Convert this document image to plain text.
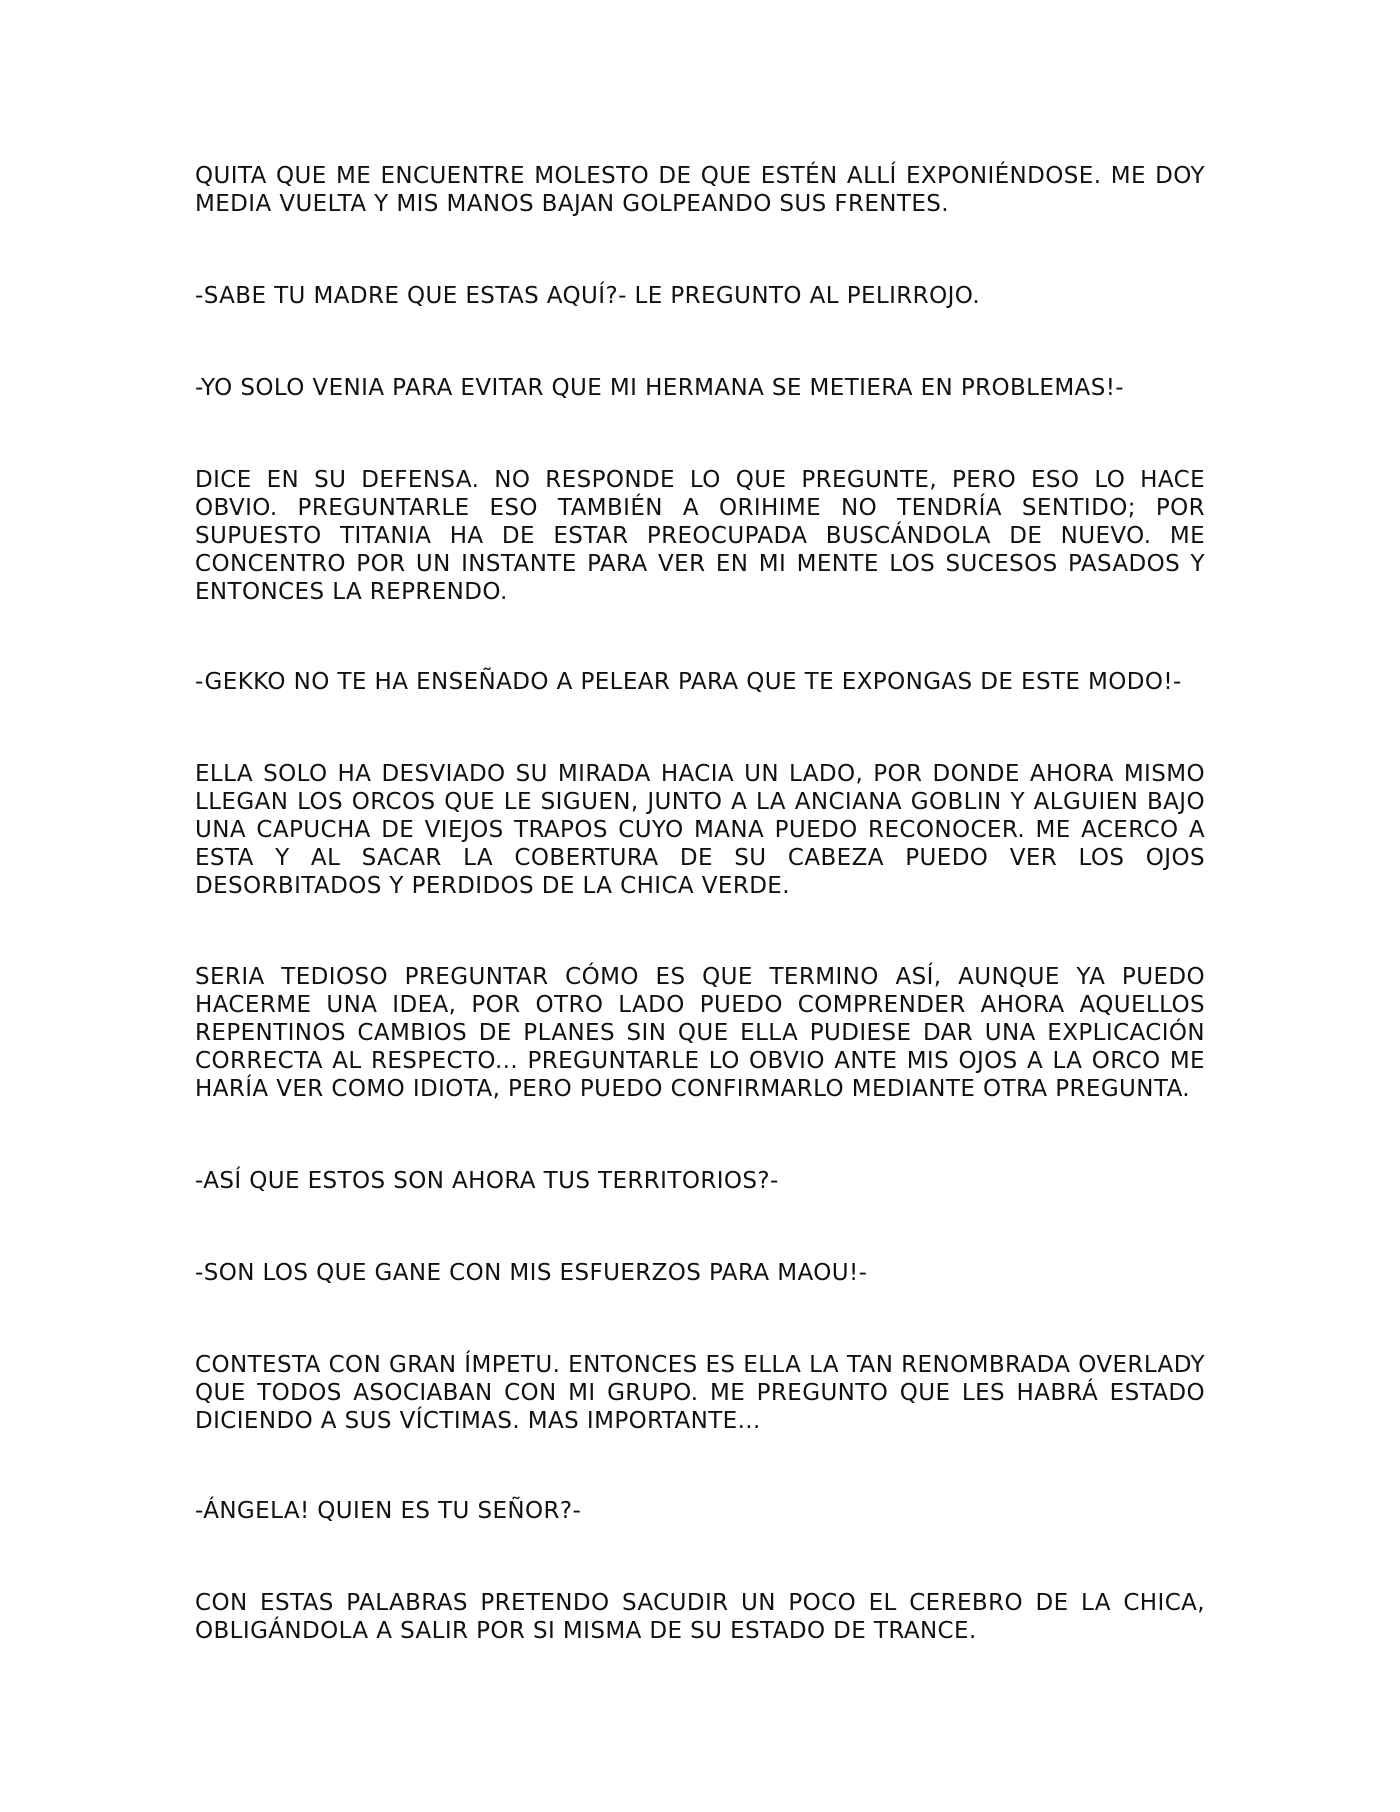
QUITA QUE ME ENCUENTRE MOLESTO DE QUE ESTÉN ALLÍ EXPONIÉNDOSE. ME DOY MEDIA VUELTA Y MIS MANOS BAJAN GOLPEANDO SUS FRENTES.

-SABE TU MADRE QUE ESTAS AQUÍ?- LE PREGUNTO AL PELIRROJO.

-YO SOLO VENIA PARA EVITAR QUE MI HERMANA SE METIERA EN PROBLEMAS!-

DICE EN SU DEFENSA. NO RESPONDE LO QUE PREGUNTE, PERO ESO LO HACE OBVIO. PREGUNTARLE ESO TAMBIÉN A ORIHIME NO TENDRÍA SENTIDO; POR SUPUESTO TITANIA HA DE ESTAR PREOCUPADA BUSCÁNDOLA DE NUEVO. ME CONCENTRO POR UN INSTANTE PARA VER EN MI MENTE LOS SUCESOS PASADOS Y ENTONCES LA REPRENDO.

-GEKKO NO TE HA ENSEÑADO A PELEAR PARA QUE TE EXPONGAS DE ESTE MODO!-

ELLA SOLO HA DESVIADO SU MIRADA HACIA UN LADO, POR DONDE AHORA MISMO LLEGAN LOS ORCOS QUE LE SIGUEN, JUNTO A LA ANCIANA GOBLIN Y ALGUIEN BAJO UNA CAPUCHA DE VIEJOS TRAPOS CUYO MANA PUEDO RECONOCER. ME ACERCO A ESTA Y AL SACAR LA COBERTURA DE SU CABEZA PUEDO VER LOS OJOS DESORBITADOS Y PERDIDOS DE LA CHICA VERDE.

SERIA TEDIOSO PREGUNTAR CÓMO ES QUE TERMINO ASÍ, AUNQUE YA PUEDO HACERME UNA IDEA, POR OTRO LADO PUEDO COMPRENDER AHORA AQUELLOS REPENTINOS CAMBIOS DE PLANES SIN QUE ELLA PUDIESE DAR UNA EXPLICACIÓN CORRECTA AL RESPECTO... PREGUNTARLE LO OBVIO ANTE MIS OJOS A LA ORCO ME HARÍA VER COMO IDIOTA, PERO PUEDO CONFIRMARLO MEDIANTE OTRA PREGUNTA.

-ASÍ QUE ESTOS SON AHORA TUS TERRITORIOS?-

-SON LOS QUE GANE CON MIS ESFUERZOS PARA MAOU!-

CONTESTA CON GRAN ÍMPETU. ENTONCES ES ELLA LA TAN RENOMBRADA OVERLADY QUE TODOS ASOCIABAN CON MI GRUPO. ME PREGUNTO QUE LES HABRÁ ESTADO DICIENDO A SUS VÍCTIMAS. MAS IMPORTANTE...

-ÁNGELA! QUIEN ES TU SEÑOR?-

CON ESTAS PALABRAS PRETENDO SACUDIR UN POCO EL CEREBRO DE LA CHICA, OBLIGÁNDOLA A SALIR POR SI MISMA DE SU ESTADO DE TRANCE.
